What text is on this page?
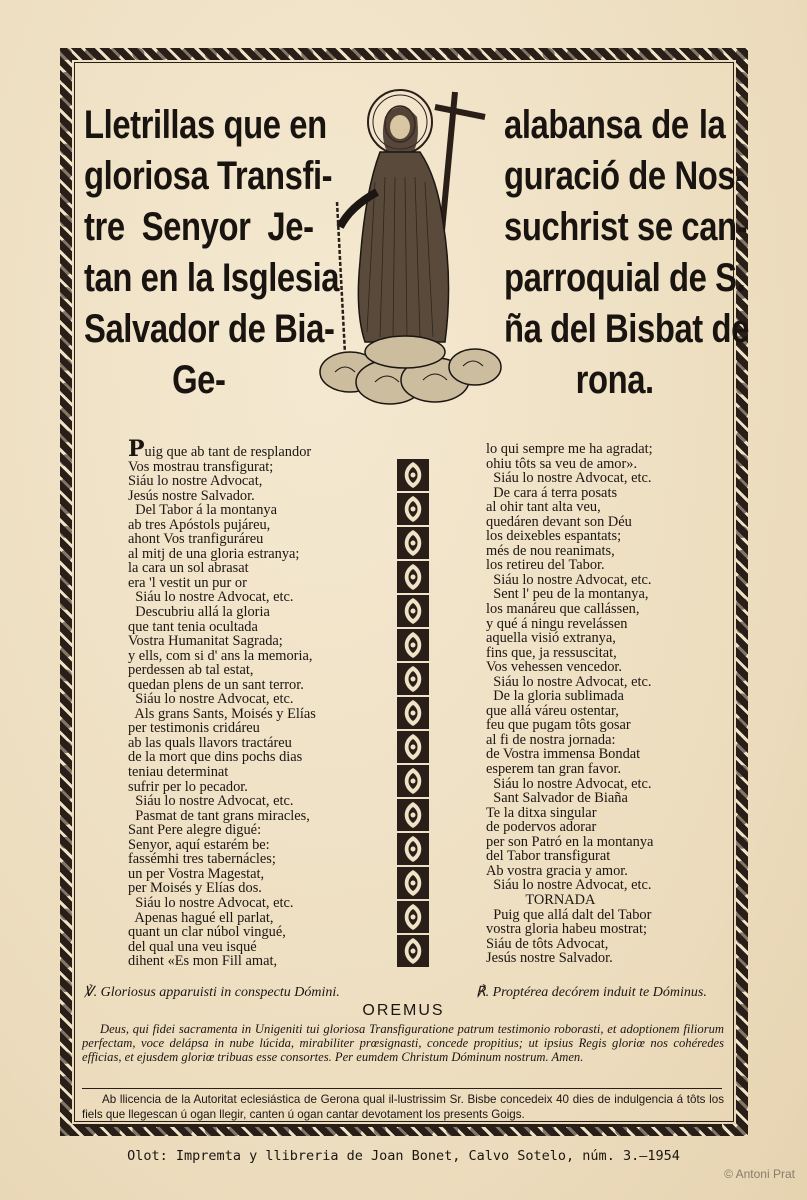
Lletrillas que en
gloriosa Transfi-
tre Senyor Je-
tan en la Isglesia
Salvador de Bia-
Ge-
alabansa de la
guració de Nos-
suchrist se can-
parroquial de S.
ña del Bisbat de
rona.
Puig que ab tant de resplandor
Vos mostrau transfigurat;
Siáu lo nostre Advocat,
Jesús nostre Salvador.
Del Tabor á la montanya
ab tres Apóstols pujáreu,
ahont Vos tranfiguráreu
al mitj de una gloria estranya;
la cara un sol abrasat
era 'l vestit un pur or
Siáu lo nostre Advocat, etc.
Descubriu allá la gloria
que tant tenia ocultada
Vostra Humanitat Sagrada;
y ells, com si d' ans la memoria,
perdessen ab tal estat,
quedan plens de un sant terror.
Siáu lo nostre Advocat, etc.
Als grans Sants, Moisés y Elías
per testimonis cridáreu
ab las quals llavors tractáreu
de la mort que dins pochs dias
teniau determinat
sufrir per lo pecador.
Siáu lo nostre Advocat, etc.
Pasmat de tant grans miracles,
Sant Pere alegre digué:
Senyor, aquí estarém be:
fassémhi tres tabernácles;
un per Vostra Magestat,
per Moisés y Elías dos.
Siáu lo nostre Advocat, etc.
Apenas hagué ell parlat,
quant un clar núbol vingué,
del qual una veu isqué
dihent «Es mon Fill amat,
lo qui sempre me ha agradat;
ohiu tôts sa veu de amor».
Siáu lo nostre Advocat, etc.
De cara á terra posats
al ohir tant alta veu,
quedáren devant son Déu
los deixebles espantats;
més de nou reanimats,
los retireu del Tabor.
Siáu lo nostre Advocat, etc.
Sent l' peu de la montanya,
los manáreu que callássen,
y qué á ningu revelássen
aquella visió extranya,
fins que, ja ressuscitat,
Vos vehessen vencedor.
Siáu lo nostre Advocat, etc.
De la gloria sublimada
que allá váreu ostentar,
feu que pugam tôts gosar
al fi de nostra jornada:
de Vostra immensa Bondat
esperem tan gran favor.
Siáu lo nostre Advocat, etc.
Sant Salvador de Biaña
Te la ditxa singular
de podervos adorar
per son Patró en la montanya
del Tabor transfigurat
Ab vostra gracia y amor.
Siáu lo nostre Advocat, etc.
TORNADA
Puig que allá dalt del Tabor
vostra gloria habeu mostrat;
Siáu de tôts Advocat,
Jesús nostre Salvador.
℣. Gloriosus apparuisti in conspectu Dómini.	℟. Proptérea decórem induit te Dóminus.
OREMUS
Deus, qui fidei sacramenta in Unigeniti tui gloriosa Transfiguratione patrum testimonio roborasti, et adoptionem filiorum perfectam, voce delápsa in nube lúcida, mirabiliter prœsignasti, concede propitius; ut ipsius Regis gloriœ nos cohéredes efficias, et ejusdem gloriœ tribuas esse consortes. Per eumdem Christum Dóminum nostrum. Amen.
Ab llicencia de la Autoritat eclesiástica de Gerona qual il-lustrissim Sr. Bisbe concedeix 40 dies de indulgencia á tôts los fiels que llegescan ú ogan llegir, canten ú ogan cantar devotament los presents Goigs.
Olot: Impremta y llibreria de Joan Bonet, Calvo Sotelo, núm. 3.—1954
© Antoni Prat
